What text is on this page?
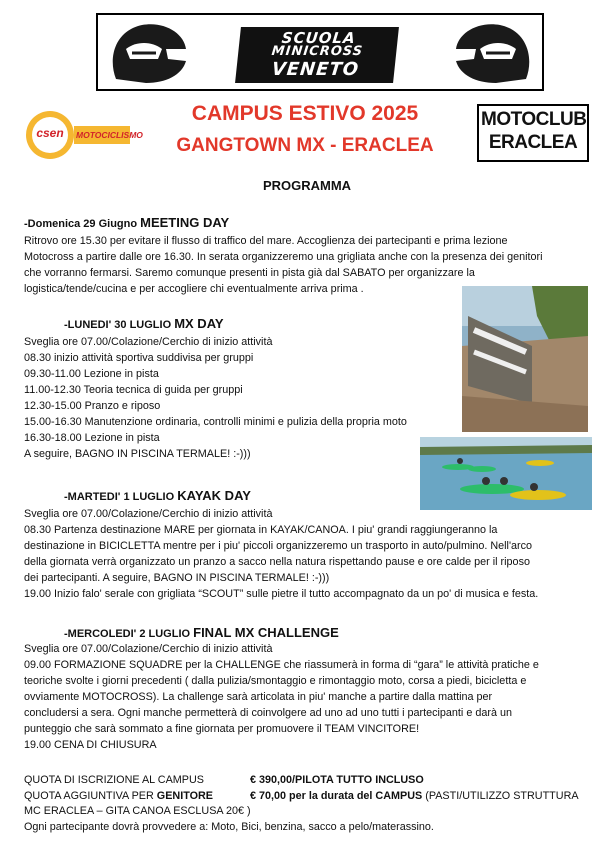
SCUOLA
MINICROSS
VENETO
csen	MOTOCICLISMO
CAMPUS ESTIVO 2025
GANGTOWN MX - ERACLEA
MOTOCLUB
ERACLEA
PROGRAMMA
-Domenica 29 Giugno MEETING DAY
Ritrovo ore 15.30 per evitare il flusso di traffico del mare. Accoglienza dei partecipanti e prima lezione
Motocross a partire dalle ore 16.30. In serata organizzeremo una grigliata anche con la presenza dei genitori
che vorranno fermarsi. Saremo comunque presenti in pista già dal SABATO per organizzare la
logistica/tende/cucina e per accogliere chi eventualmente arriva prima .
-LUNEDI' 30 LUGLIO MX DAY
Sveglia ore 07.00/Colazione/Cerchio di inizio attività
08.30 inizio attività sportiva suddivisa per gruppi
09.30-11.00 Lezione in pista
11.00-12.30 Teoria tecnica di guida per gruppi
12.30-15.00 Pranzo e riposo
15.00-16.30 Manutenzione ordinaria, controlli minimi e pulizia della propria moto
16.30-18.00 Lezione in pista
A seguire, BAGNO IN PISCINA TERMALE! :-)))
-MARTEDI' 1 LUGLIO KAYAK DAY
Sveglia ore 07.00/Colazione/Cerchio di inizio attività
08.30 Partenza destinazione MARE per giornata in KAYAK/CANOA. I piu' grandi raggiungeranno la
destinazione in BICICLETTA mentre per i piu' piccoli organizzeremo un trasporto in auto/pulmino. Nell'arco
della giornata verrà organizzato un pranzo a sacco nella natura rispettando pause e ore calde per il riposo
dei partecipanti. A seguire, BAGNO IN PISCINA TERMALE! :-)))
19.00 Inizio falo' serale con grigliata “SCOUT” sulle pietre il tutto accompagnato da un po' di musica e festa.
-MERCOLEDI' 2 LUGLIO FINAL MX CHALLENGE
Sveglia ore 07.00/Colazione/Cerchio di inizio attività
09.00 FORMAZIONE SQUADRE per la CHALLENGE che riassumerà in forma di “gara” le attività pratiche e
teoriche svolte i giorni precedenti ( dalla pulizia/smontaggio e rimontaggio moto, corsa a piedi, bicicletta e
ovviamente MOTOCROSS). La challenge sarà articolata in piu' manche a partire dalla mattina per
concludersi a sera. Ogni manche permetterà di coinvolgere ad uno ad uno tutti i partecipanti e darà un
punteggio che sarà sommato a fine giornata per promuovere il TEAM VINCITORE!
19.00 CENA DI CHIUSURA
QUOTA DI ISCRIZIONE AL CAMPUS	€ 390,00/PILOTA TUTTO INCLUSO
QUOTA AGGIUNTIVA PER GENITORE	€ 70,00 per la durata del CAMPUS (PASTI/UTILIZZO STRUTTURA
MC ERACLEA – GITA CANOA ESCLUSA 20€ )
Ogni partecipante dovrà provvedere a: Moto, Bici, benzina, sacco a pelo/materassino.
